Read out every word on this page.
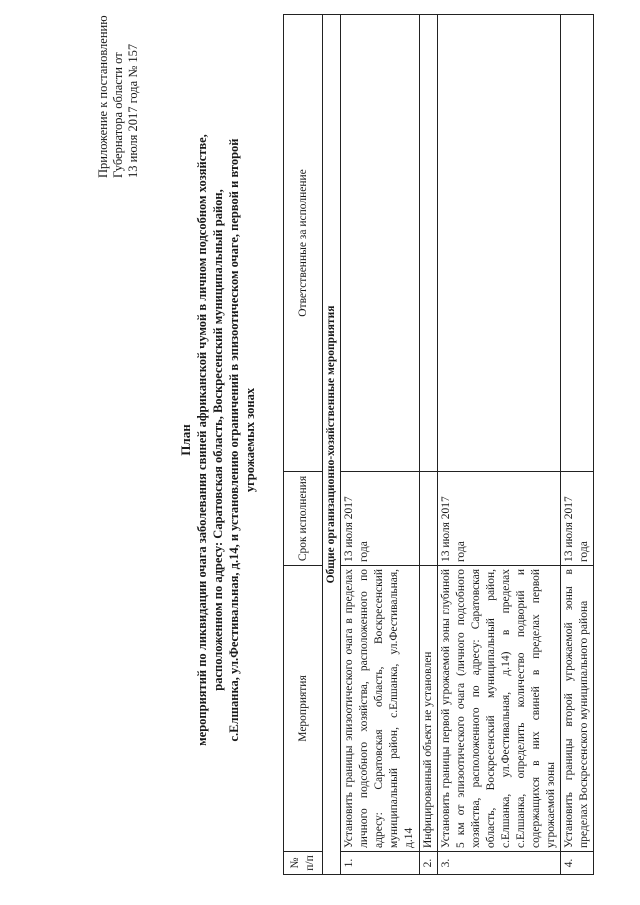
Приложение к постановлению Губернатора области от 13 июля 2017 года № 157
План мероприятий по ликвидации очага заболевания свиней африканской чумой в личном подсобном хозяйстве, расположенном по адресу: Саратовская область, Воскресенский муниципальный район, с.Елшанка, ул.Фестивальная, д.14, и установлению ограничений в эпизоотическом очаге, первой и второй угрожаемых зонах
№ п/п	Мероприятия	Срок исполнения	Ответственные за исполнение
Общие организационно-хозяйственные мероприятия			
1.	Установить границы эпизоотического очага в пределах личного подсобного хозяйства, расположенного по адресу: Саратовская область, Воскресенский муниципальный район, с.Елшанка, ул.Фестивальная, д.14	13 июля 2017 года	
2.	Инфицированный объект не установлен		
3.	Установить границы первой угрожаемой зоны глубиной 5 км от эпизоотического очага (личного подсобного хозяйства, расположенного по адресу: Саратовская область, Воскресенский муниципальный район, с.Елшанка, ул.Фестивальная, д.14) в пределах с.Елшанка, определить количество подворий и содержащихся в них свиней в пределах первой угрожаемой зоны	13 июля 2017 года	
4.	Установить границы второй угрожаемой зоны в пределах Воскресенского муниципального района	13 июля 2017 года	
